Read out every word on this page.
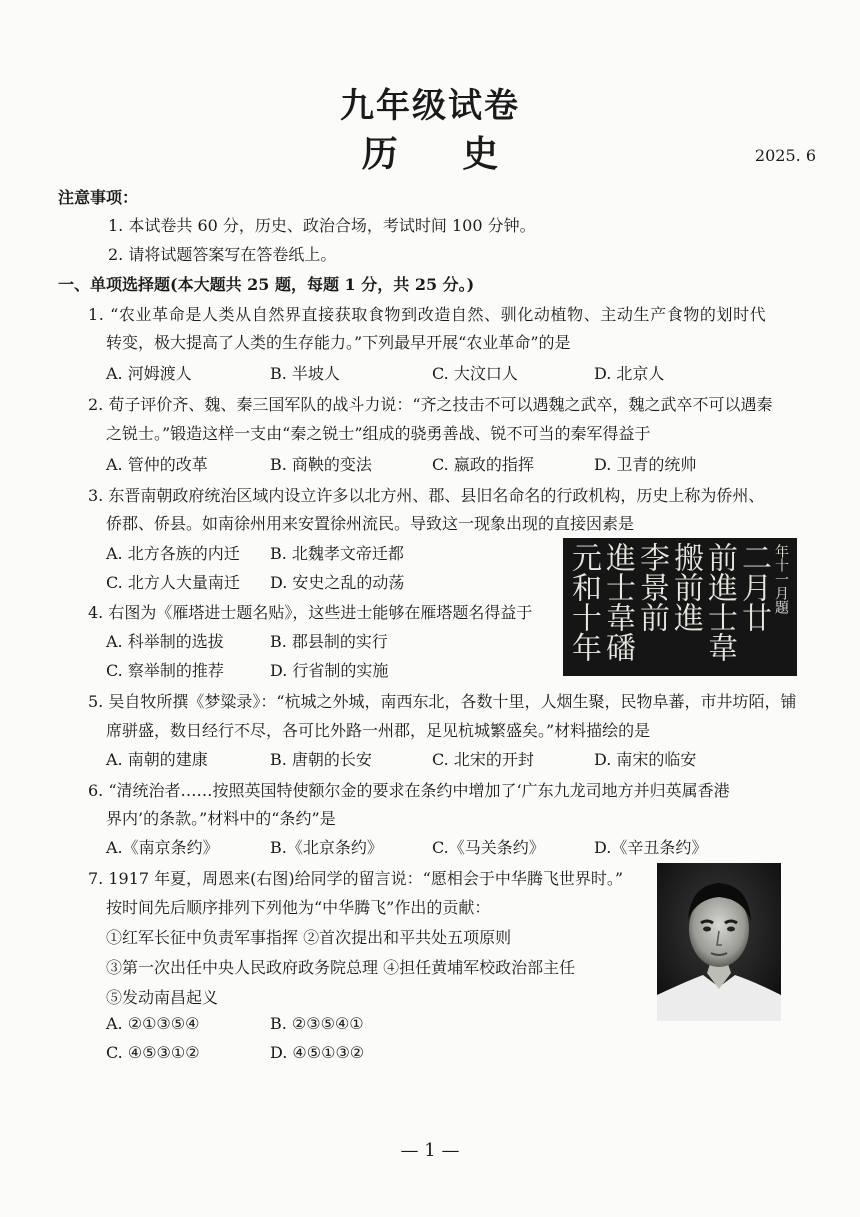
九年级试卷
历 史	2025. 6
注意事项：
1. 本试卷共 60 分，历史、政治合场，考试时间 100 分钟。
2. 请将试题答案写在答卷纸上。
一、单项选择题(本大题共 25 题，每题 1 分，共 25 分。)
1. “农业革命是人类从自然界直接获取食物到改造自然、驯化动植物、主动生产食物的划时代
转变，极大提高了人类的生存能力。”下列最早开展“农业革命”的是
A. 河姆渡人	B. 半坡人	C. 大汶口人	D. 北京人
2. 荀子评价齐、魏、秦三国军队的战斗力说：“齐之技击不可以遇魏之武卒，魏之武卒不可以遇秦
之锐士。”锻造这样一支由“秦之锐士”组成的骁勇善战、锐不可当的秦军得益于
A. 管仲的改革	B. 商鞅的变法	C. 嬴政的指挥	D. 卫青的统帅
3. 东晋南朝政府统治区域内设立许多以北方州、郡、县旧名命名的行政机构，历史上称为侨州、
侨郡、侨县。如南徐州用来安置徐州流民。导致这一现象出现的直接因素是
A. 北方各族的内迁 B. 北魏孝文帝迁都
C. 北方人大量南迁 D. 安史之乱的动荡
4. 右图为《雁塔进士题名贴》，这些进士能够在雁塔题名得益于
A. 科举制的选拔	B. 郡县制的实行
C. 察举制的推荐	D. 行省制的实施
元和十年 進士韋磻 李景前 搬前進 前進士韋 二月廿 年十一月題
5. 吴自牧所撰《梦粱录》：“杭城之外城，南西东北，各数十里，人烟生聚，民物阜蕃，市井坊陌，铺
席骈盛，数日经行不尽，各可比外路一州郡，足见杭城繁盛矣。”材料描绘的是
A. 南朝的建康	B. 唐朝的长安	C. 北宋的开封	D. 南宋的临安
6. “清统治者……按照英国特使额尔金的要求在条约中增加了‘广东九龙司地方并归英属香港
界内’的条款。”材料中的“条约”是
A.《南京条约》	B.《北京条约》	C.《马关条约》	D.《辛丑条约》
7. 1917 年夏，周恩来(右图)给同学的留言说：“愿相会于中华腾飞世界时。”
按时间先后顺序排列下列他为“中华腾飞”作出的贡献：
①红军长征中负责军事指挥 ②首次提出和平共处五项原则
③第一次出任中央人民政府政务院总理 ④担任黄埔军校政治部主任
⑤发动南昌起义
A. ②①③⑤④	B. ②③⑤④①
C. ④⑤③①②	D. ④⑤①③②
— 1 —
